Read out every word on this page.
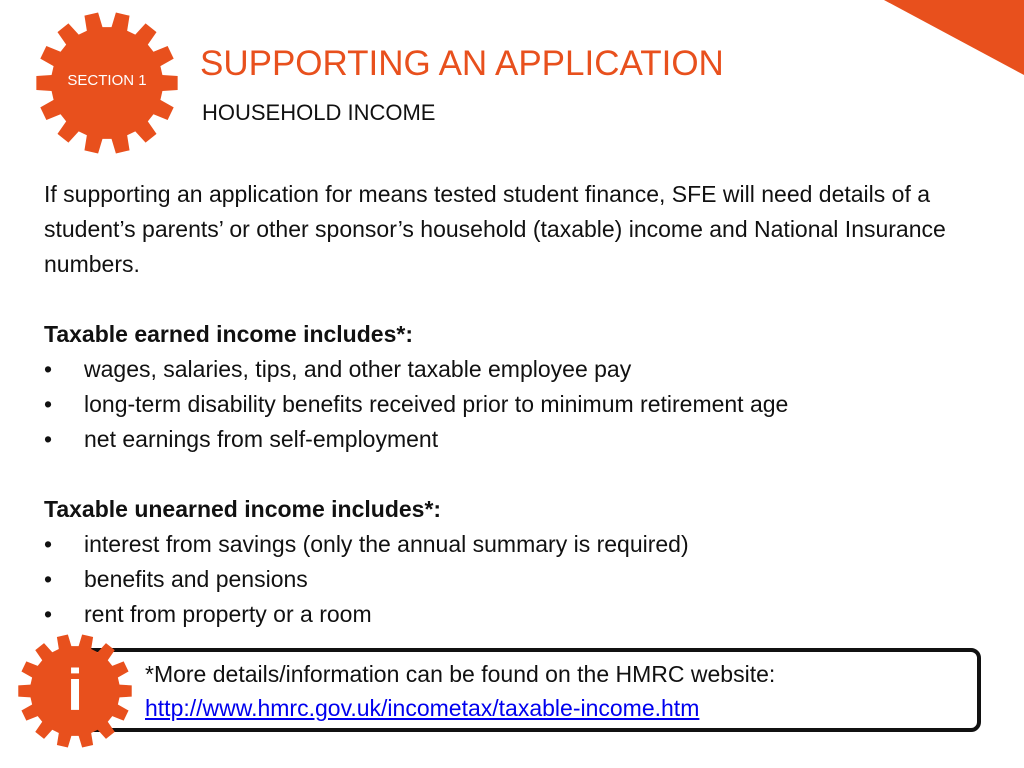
SECTION 1	SUPPORTING AN APPLICATION
HOUSEHOLD INCOME

If supporting an application for means tested student finance, SFE will need details of a student’s parents’ or other sponsor’s household (taxable) income and National Insurance numbers.

Taxable earned income includes*:
• wages, salaries, tips, and other taxable employee pay
• long-term disability benefits received prior to minimum retirement age
• net earnings from self-employment
Taxable unearned income includes*:
• interest from savings (only the annual summary is required)
• benefits and pensions
• rent from property or a room
i	*More details/information can be found on the HMRC website:
http://www.hmrc.gov.uk/incometax/taxable-income.htm
